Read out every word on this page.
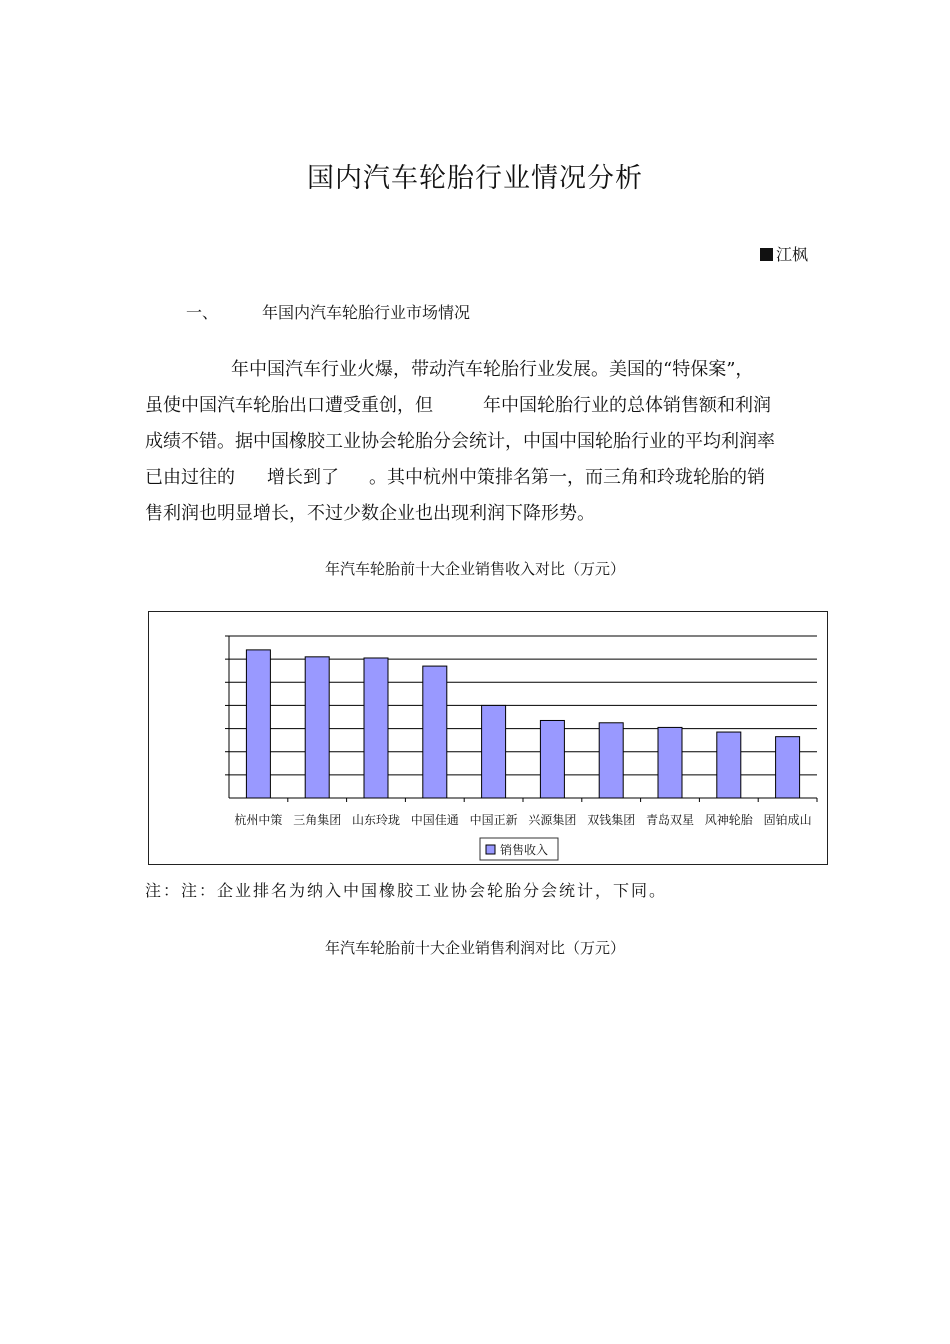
国内汽车轮胎行业情况分析
江枫
一、	年国内汽车轮胎行业市场情况
年中国汽车行业火爆，带动汽车轮胎行业发展。美国的“特保案”，
虽使中国汽车轮胎出口遭受重创，但	年中国轮胎行业的总体销售额和利润
成绩不错。据中国橡胶工业协会轮胎分会统计，中国中国轮胎行业的平均利润率
已由过往的 增长到了 。其中杭州中策排名第一，而三角和玲珑轮胎的销
售利润也明显增长，不过少数企业也出现利润下降形势。
年汽车轮胎前十大企业销售收入对比（万元）
杭州中策 三角集团 山东玲珑 中国佳通 中国正新 兴源集团 双钱集团 青岛双星 风神轮胎 固铂成山
销售收入
注：注：企业排名为纳入中国橡胶工业协会轮胎分会统计，下同。
年汽车轮胎前十大企业销售利润对比（万元）
